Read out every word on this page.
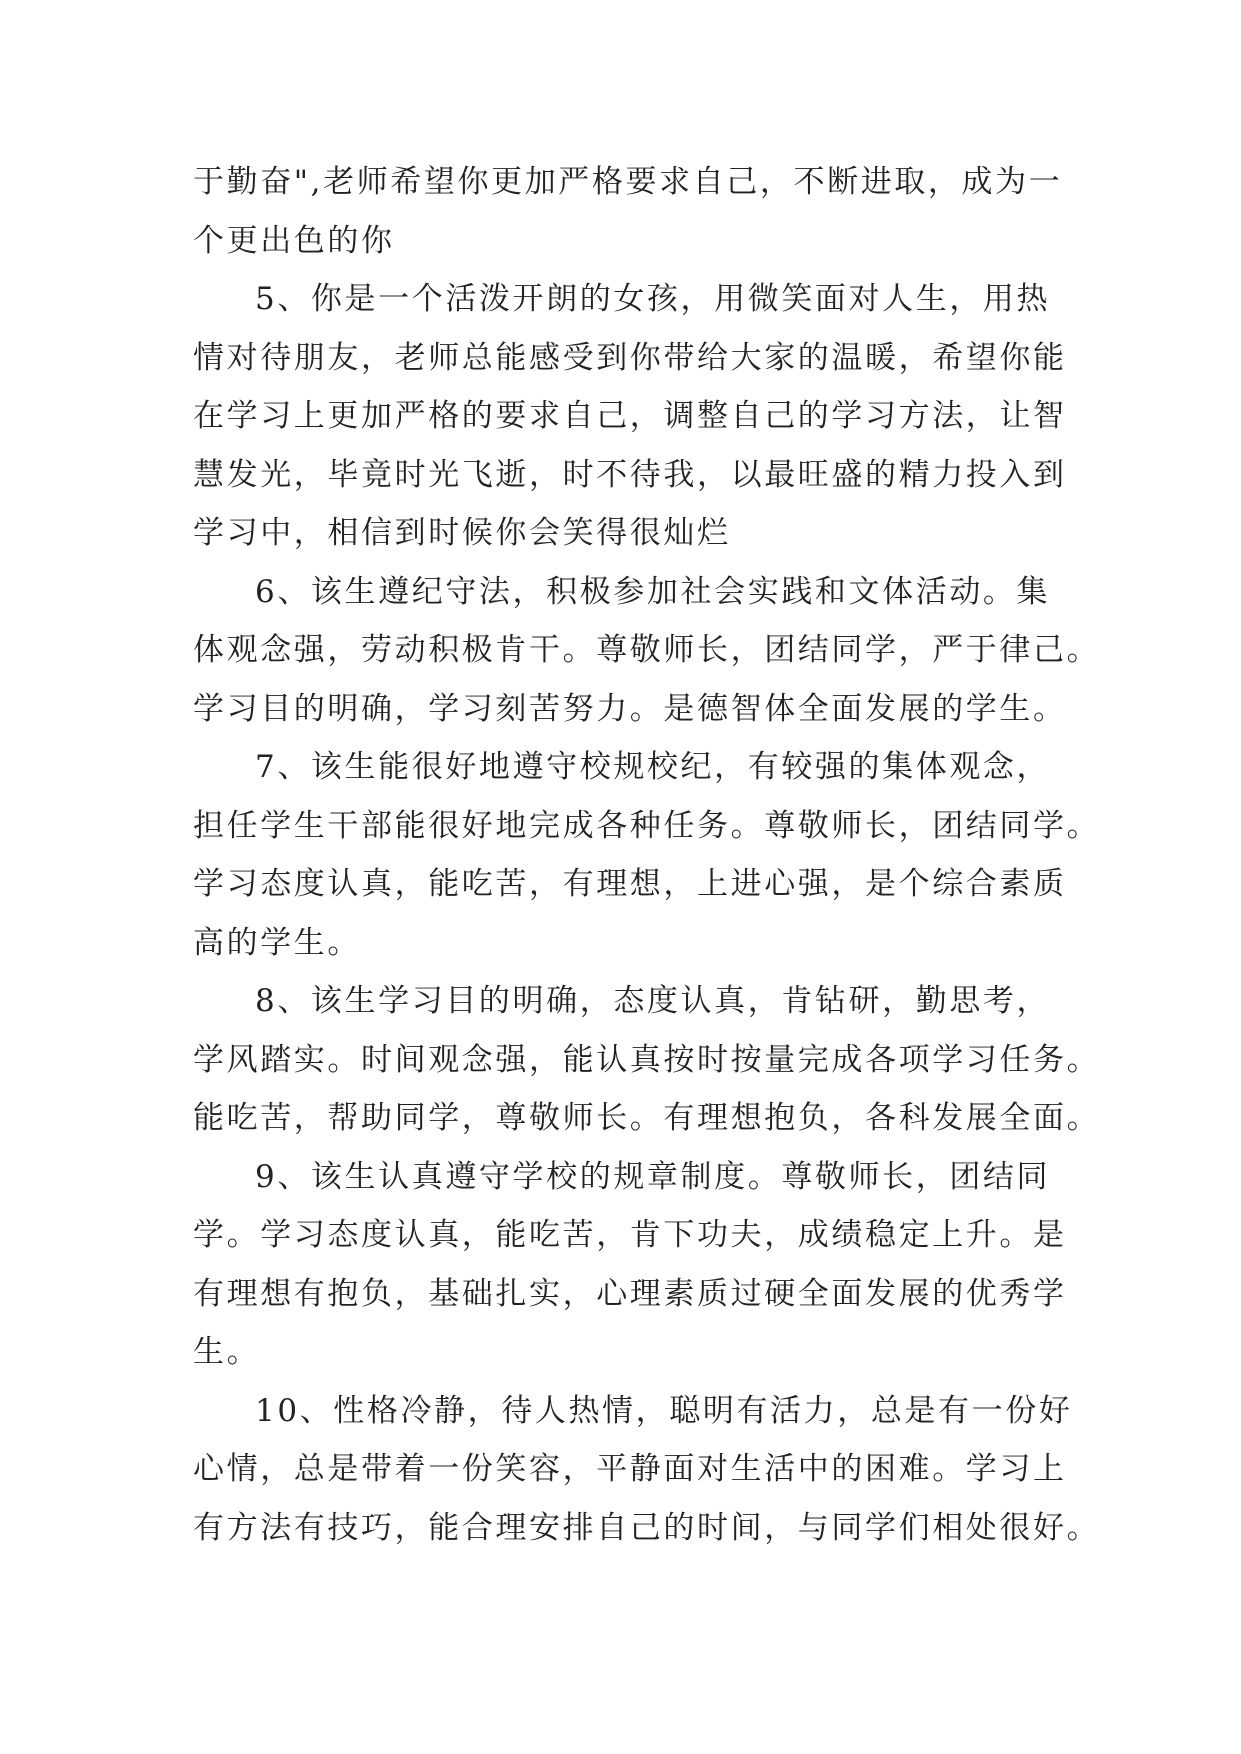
于勤奋",老师希望你更加严格要求自己，不断进取，成为一
个更出色的你
5、你是一个活泼开朗的女孩，用微笑面对人生，用热
情对待朋友，老师总能感受到你带给大家的温暖，希望你能
在学习上更加严格的要求自己，调整自己的学习方法，让智
慧发光，毕竟时光飞逝，时不待我，以最旺盛的精力投入到
学习中，相信到时候你会笑得很灿烂
6、该生遵纪守法，积极参加社会实践和文体活动。集
体观念强，劳动积极肯干。尊敬师长，团结同学，严于律己。
学习目的明确，学习刻苦努力。是德智体全面发展的学生。
7、该生能很好地遵守校规校纪，有较强的集体观念，
担任学生干部能很好地完成各种任务。尊敬师长，团结同学。
学习态度认真，能吃苦，有理想，上进心强，是个综合素质
高的学生。
8、该生学习目的明确，态度认真，肯钻研，勤思考，
学风踏实。时间观念强，能认真按时按量完成各项学习任务。
能吃苦，帮助同学，尊敬师长。有理想抱负，各科发展全面。
9、该生认真遵守学校的规章制度。尊敬师长，团结同
学。学习态度认真，能吃苦，肯下功夫，成绩稳定上升。是
有理想有抱负，基础扎实，心理素质过硬全面发展的优秀学
生。
10、性格冷静，待人热情，聪明有活力，总是有一份好
心情，总是带着一份笑容，平静面对生活中的困难。学习上
有方法有技巧，能合理安排自己的时间，与同学们相处很好。
